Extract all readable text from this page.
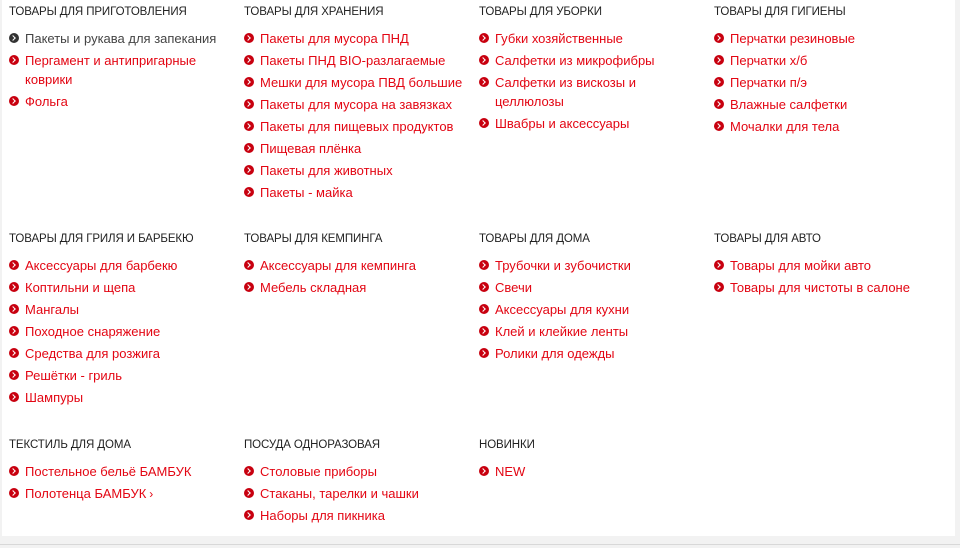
ТОВАРЫ ДЛЯ ПРИГОТОВЛЕНИЯ
Пакеты и рукава для запекания
Пергамент и антипригарные коврики
Фольга
ТОВАРЫ ДЛЯ ХРАНЕНИЯ
Пакеты для мусора ПНД
Пакеты ПНД BIO-разлагаемые
Мешки для мусора ПВД большие
Пакеты для мусора на завязках
Пакеты для пищевых продуктов
Пищевая плёнка
Пакеты для животных
Пакеты - майка
ТОВАРЫ ДЛЯ УБОРКИ
Губки хозяйственные
Салфетки из микрофибры
Салфетки из вискозы и целлюлозы
Швабры и аксессуары
ТОВАРЫ ДЛЯ ГИГИЕНЫ
Перчатки резиновые
Перчатки х/б
Перчатки п/э
Влажные салфетки
Мочалки для тела
ТОВАРЫ ДЛЯ ГРИЛЯ И БАРБЕКЮ
Аксессуары для барбекю
Коптильни и щепа
Мангалы
Походное снаряжение
Средства для розжига
Решётки - гриль
Шампуры
ТОВАРЫ ДЛЯ КЕМПИНГА
Аксессуары для кемпинга
Мебель складная
ТОВАРЫ ДЛЯ ДОМА
Трубочки и зубочистки
Свечи
Аксессуары для кухни
Клей и клейкие ленты
Ролики для одежды
ТОВАРЫ ДЛЯ АВТО
Товары для мойки авто
Товары для чистоты в салоне
ТЕКСТИЛЬ ДЛЯ ДОМА
Постельное бельё БАМБУК
Полотенца БАМБУК ›
ПОСУДА ОДНОРАЗОВАЯ
Столовые приборы
Стаканы, тарелки и чашки
Наборы для пикника
НОВИНКИ
NEW
